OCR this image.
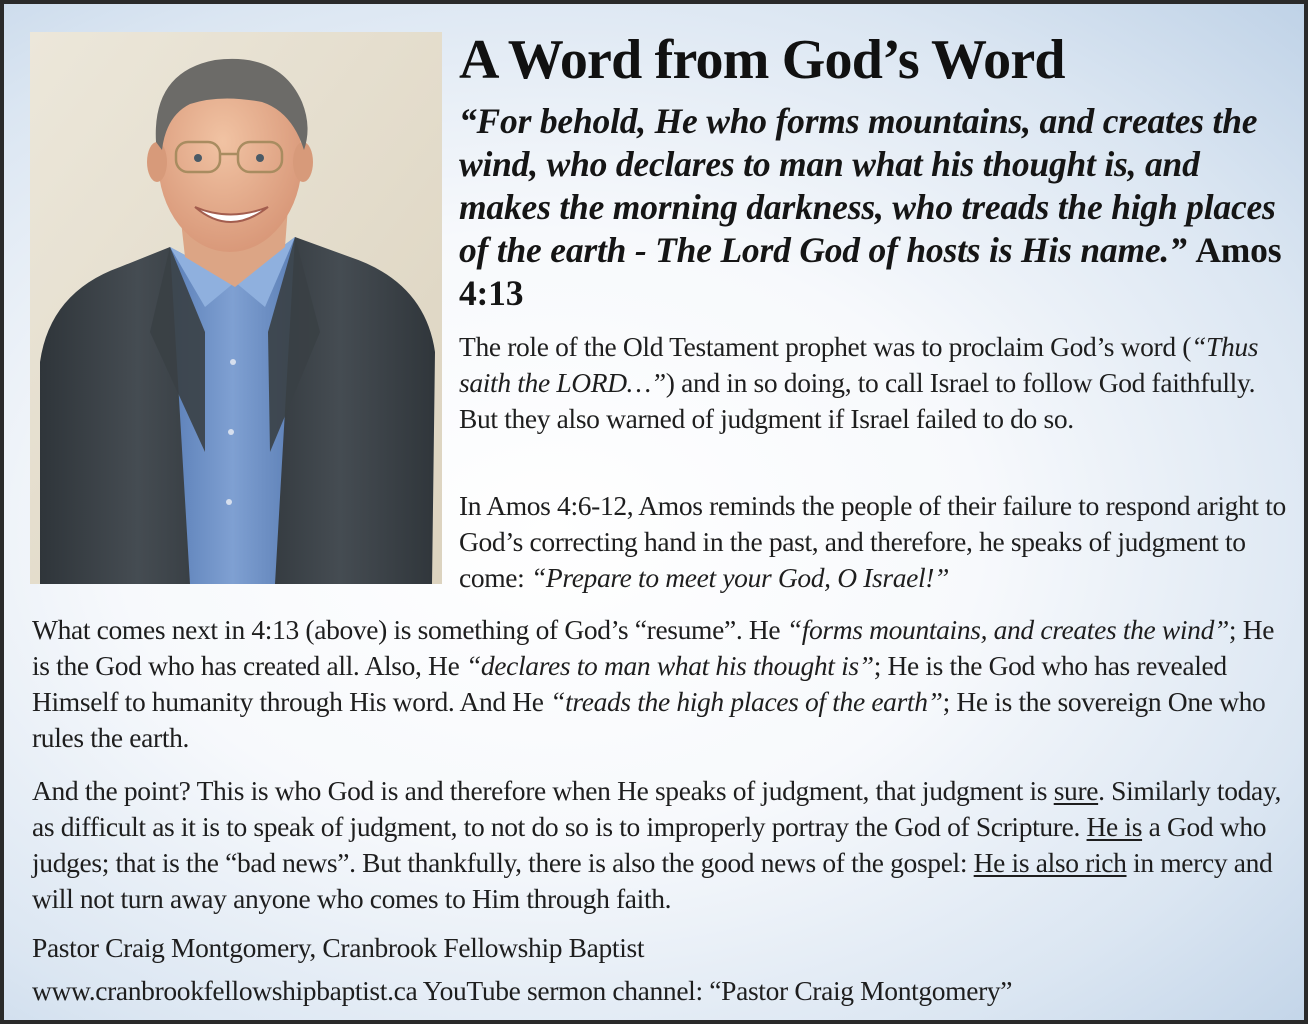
A Word from God’s Word

“For behold, He who forms mountains, and creates the wind, who declares to man what his thought is, and makes the morning darkness, who treads the high places of the earth - The Lord God of hosts is His name.” Amos 4:13

The role of the Old Testament prophet was to proclaim God’s word (“Thus saith the LORD…”) and in so doing, to call Israel to follow God faithfully. But they also warned of judgment if Israel failed to do so.

In Amos 4:6-12, Amos reminds the people of their failure to respond aright to God’s correcting hand in the past, and therefore, he speaks of judgment to come: “Prepare to meet your God, O Israel!”

What comes next in 4:13 (above) is something of God’s “resume”. He “forms mountains, and creates the wind”; He is the God who has created all. Also, He “declares to man what his thought is”; He is the God who has revealed Himself to humanity through His word. And He “treads the high places of the earth”; He is the sovereign One who rules the earth.

And the point? This is who God is and therefore when He speaks of judgment, that judgment is sure. Similarly today, as difficult as it is to speak of judgment, to not do so is to improperly portray the God of Scripture. He is a God who judges; that is the “bad news”. But thankfully, there is also the good news of the gospel: He is also rich in mercy and will not turn away anyone who comes to Him through faith.

Pastor Craig Montgomery, Cranbrook Fellowship Baptist

www.cranbrookfellowshipbaptist.ca YouTube sermon channel: “Pastor Craig Montgomery”
